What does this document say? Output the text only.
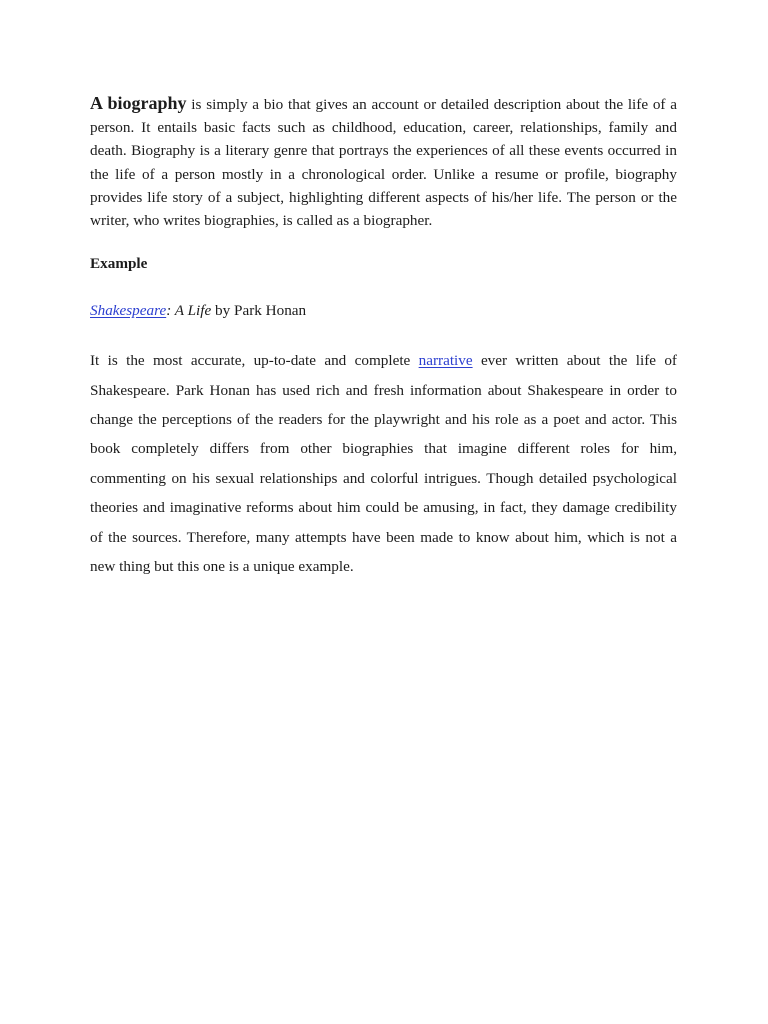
A biography is simply a bio that gives an account or detailed description about the life of a person. It entails basic facts such as childhood, education, career, relationships, family and death. Biography is a literary genre that portrays the experiences of all these events occurred in the life of a person mostly in a chronological order. Unlike a resume or profile, biography provides life story of a subject, highlighting different aspects of his/her life. The person or the writer, who writes biographies, is called as a biographer.

Example

Shakespeare: A Life by Park Honan

It is the most accurate, up-to-date and complete narrative ever written about the life of Shakespeare. Park Honan has used rich and fresh information about Shakespeare in order to change the perceptions of the readers for the playwright and his role as a poet and actor. This book completely differs from other biographies that imagine different roles for him, commenting on his sexual relationships and colorful intrigues. Though detailed psychological theories and imaginative reforms about him could be amusing, in fact, they damage credibility of the sources. Therefore, many attempts have been made to know about him, which is not a new thing but this one is a unique example.
